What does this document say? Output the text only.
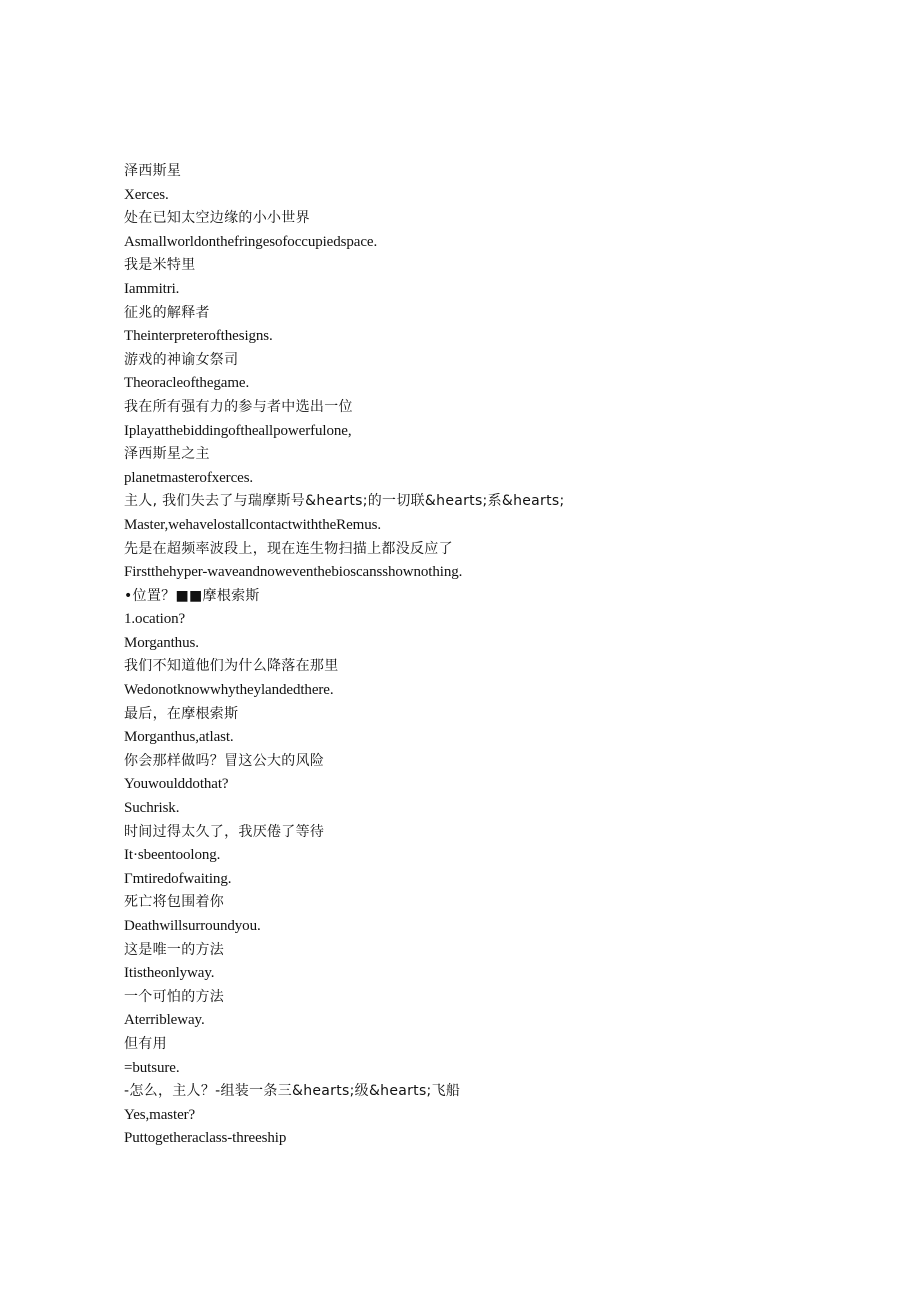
泽西斯星
Xerces.
处在已知太空边缘的小小世界
Asmallworldonthefringesofoccupiedspace.
我是米特里
Iammitri.
征兆的解释者
Theinterpreterofthesigns.
游戏的神谕女祭司
Theoracleofthegame.
我在所有强有力的参与者中选出一位
Iplayatthebiddingoftheallpowerfulone,
泽西斯星之主
planetmasterofxerces.
主人, 我们失去了与瑞摩斯号&hearts;的一切联&hearts;系&hearts;
Master,wehavelostallcontactwiththeRemus.
先是在超频率波段上，现在连生物扫描上都没反应了
Firstthehyper-waveandnoweventhebioscansshownothing.
•位置？■■摩根索斯
1.ocation?
Morganthus.
我们不知道他们为什么降落在那里
Wedonotknowwhytheylandedthere.
最后，在摩根索斯
Morganthus,atlast.
你会那样做吗？冒这公大的风险
Youwoulddothat?
Suchrisk.
时间过得太久了，我厌倦了等待
It·sbeentoolong.
Γmtiredofwaiting.
死亡将包围着你
Deathwillsurroundyou.
这是唯一的方法
Itistheonlyway.
一个可怕的方法
Aterribleway.
但有用
=butsure.
-怎么，主人？-组装一条三&hearts;级&hearts;飞船
Yes,master?
Puttogetheraclass-threeship
